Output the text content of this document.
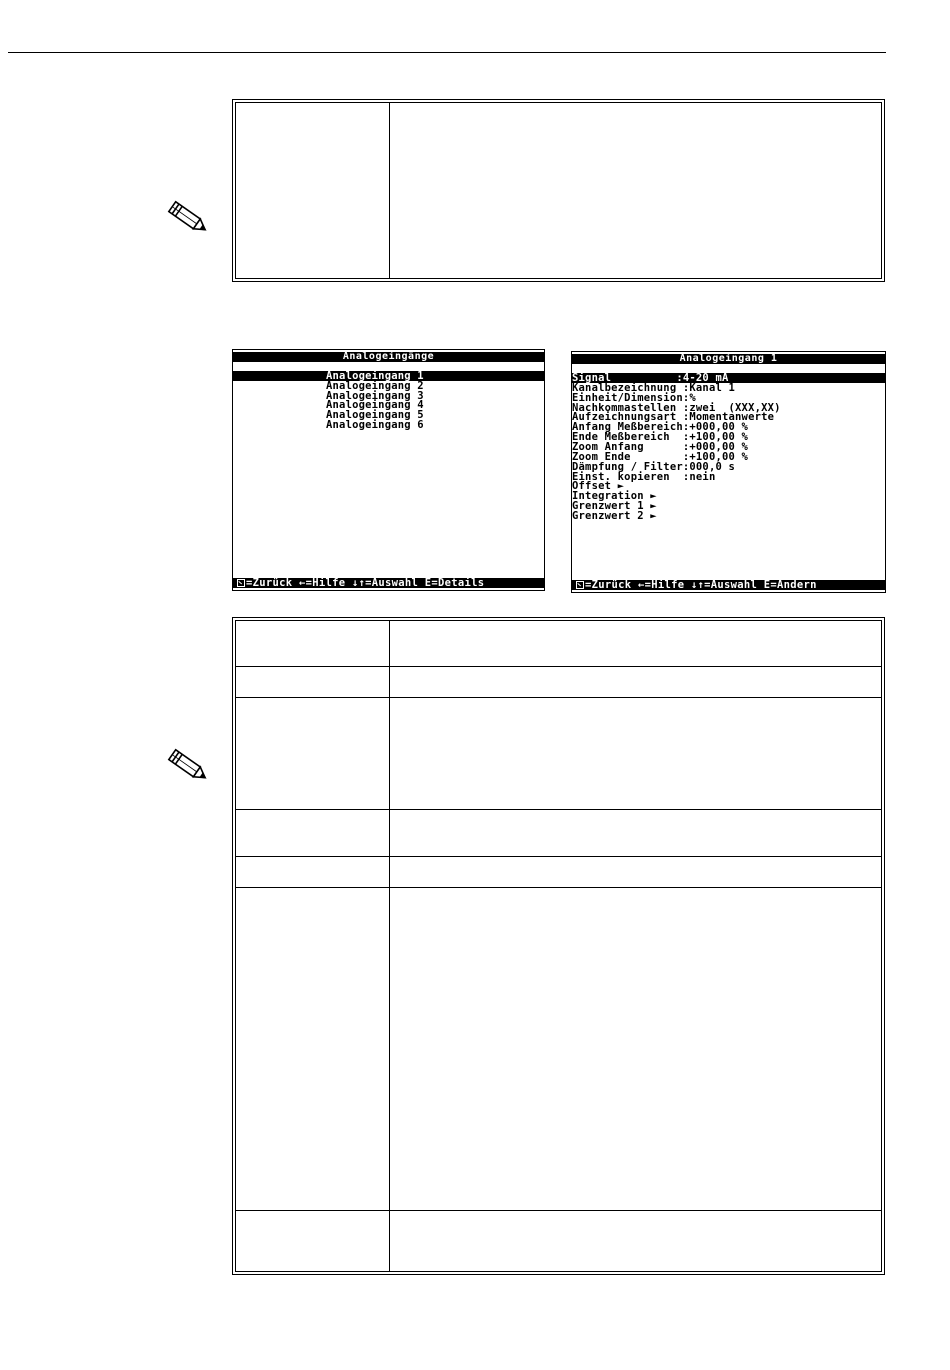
Analogeingänge
Analogeingang 1
Analogeingang 2
Analogeingang 3
Analogeingang 4
Analogeingang 5
Analogeingang 6
=Zurück ←=Hilfe ↓↑=Auswahl E=Details
Analogeingang 1
Signal          :4-20 mA
Kanalbezeichnung :Kanal 1
Einheit/Dimension:%
Nachkommastellen :zwei  (XXX,XX)
Aufzeichnungsart :Momentanwerte
Anfang Meßbereich:+000,00 %
Ende Meßbereich  :+100,00 %
Zoom Anfang      :+000,00 %
Zoom Ende        :+100,00 %
Dämpfung / Filter:000,0 s
Einst. kopieren  :nein
Offset ►
Integration ►
Grenzwert 1 ►
Grenzwert 2 ►
=Zurück ←=Hilfe ↓↑=Auswahl E=Ändern
